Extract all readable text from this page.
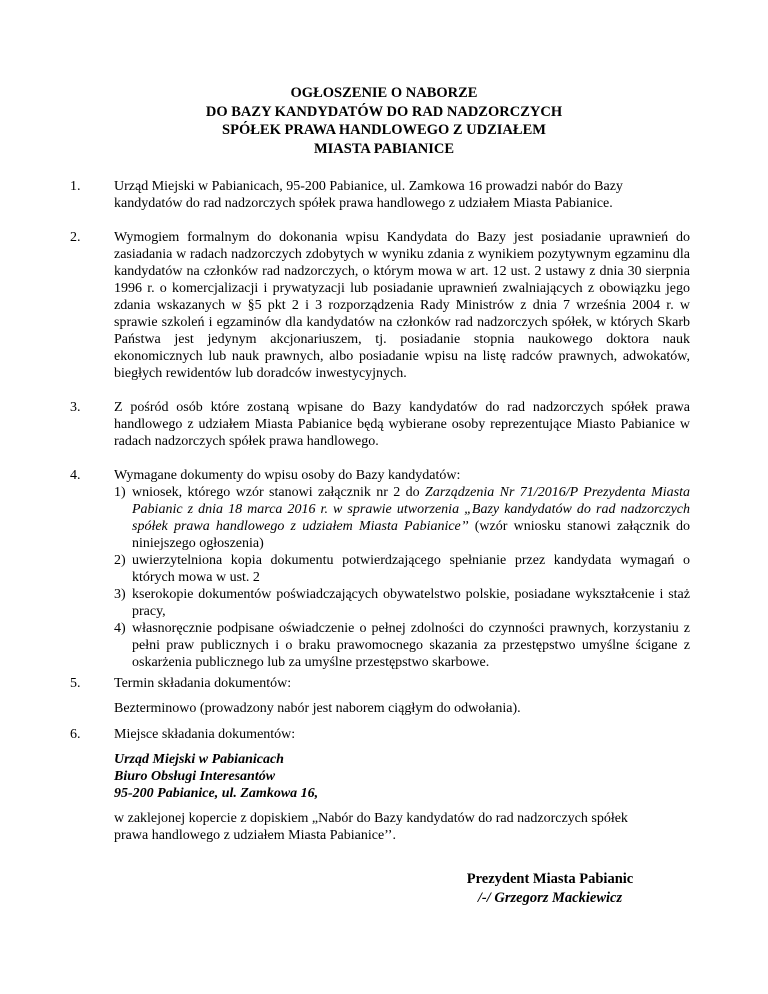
OGŁOSZENIE O NABORZE
DO BAZY KANDYDATÓW DO RAD NADZORCZYCH
SPÓŁEK PRAWA HANDLOWEGO Z UDZIAŁEM
MIASTA PABIANICE
1. Urząd Miejski w Pabianicach, 95-200 Pabianice, ul. Zamkowa 16 prowadzi nabór do Bazy kandydatów do rad nadzorczych spółek prawa handlowego z udziałem Miasta Pabianice.
2. Wymogiem formalnym do dokonania wpisu Kandydata do Bazy jest posiadanie uprawnień do zasiadania w radach nadzorczych zdobytych w wyniku zdania z wynikiem pozytywnym egzaminu dla kandydatów na członków rad nadzorczych, o którym mowa w art. 12 ust. 2 ustawy z dnia 30 sierpnia 1996 r. o komercjalizacji i prywatyzacji lub posiadanie uprawnień zwalniających z obowiązku jego zdania wskazanych w §5 pkt 2 i 3 rozporządzenia Rady Ministrów z dnia 7 września 2004 r. w sprawie szkoleń i egzaminów dla kandydatów na członków rad nadzorczych spółek, w których Skarb Państwa jest jedynym akcjonariuszem, tj. posiadanie stopnia naukowego doktora nauk ekonomicznych lub nauk prawnych, albo posiadanie wpisu na listę radców prawnych, adwokatów, biegłych rewidentów lub doradców inwestycyjnych.
3. Z pośród osób które zostaną wpisane do Bazy kandydatów do rad nadzorczych spółek prawa handlowego z udziałem Miasta Pabianice będą wybierane osoby reprezentujące Miasto Pabianice w radach nadzorczych spółek prawa handlowego.
4. Wymagane dokumenty do wpisu osoby do Bazy kandydatów:
1) wniosek, którego wzór stanowi załącznik nr 2 do Zarządzenia Nr 71/2016/P Prezydenta Miasta Pabianic z dnia 18 marca 2016 r. w sprawie utworzenia „Bazy kandydatów do rad nadzorczych spółek prawa handlowego z udziałem Miasta Pabianice’’ (wzór wniosku stanowi załącznik do niniejszego ogłoszenia)
2) uwierzytelniona kopia dokumentu potwierdzającego spełnianie przez kandydata wymagań o których mowa w ust. 2
3) kserokopie dokumentów poświadczających obywatelstwo polskie, posiadane wykształcenie i staż pracy,
4) własnoręcznie podpisane oświadczenie o pełnej zdolności do czynności prawnych, korzystaniu z pełni praw publicznych i o braku prawomocnego skazania za przestępstwo umyślne ścigane z oskarżenia publicznego lub za umyślne przestępstwo skarbowe.
5. Termin składania dokumentów:
Bezterminowo (prowadzony nabór jest naborem ciągłym do odwołania).
6. Miejsce składania dokumentów:
Urząd Miejski w Pabianicach
Biuro Obsługi Interesantów
95-200 Pabianice, ul. Zamkowa 16,
w zaklejonej kopercie z dopiskiem „Nabór do Bazy kandydatów do rad nadzorczych spółek prawa handlowego z udziałem Miasta Pabianice’’.
Prezydent Miasta Pabianic
/-/ Grzegorz Mackiewicz
